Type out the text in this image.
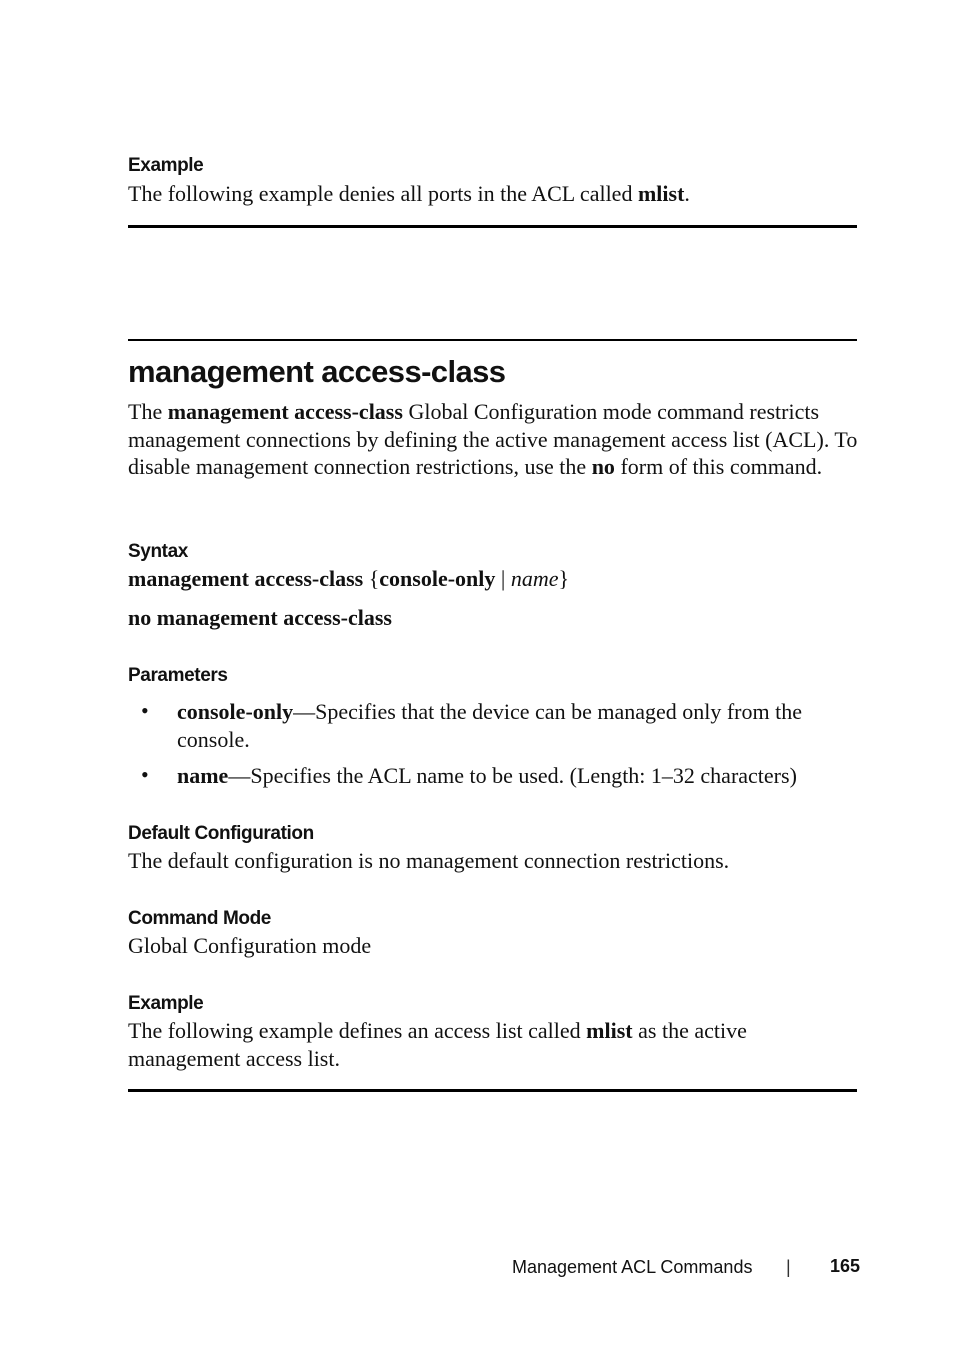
Example
The following example denies all ports in the ACL called mlist.
management access-class
The management access-class Global Configuration mode command restricts management connections by defining the active management access list (ACL). To disable management connection restrictions, use the no form of this command.
Syntax
management access-class {console-only | name}
no management access-class
Parameters
• console-only—Specifies that the device can be managed only from the console.
• name—Specifies the ACL name to be used. (Length: 1–32 characters)
Default Configuration
The default configuration is no management connection restrictions.
Command Mode
Global Configuration mode
Example
The following example defines an access list called mlist as the active management access list.
Management ACL Commands | 165
